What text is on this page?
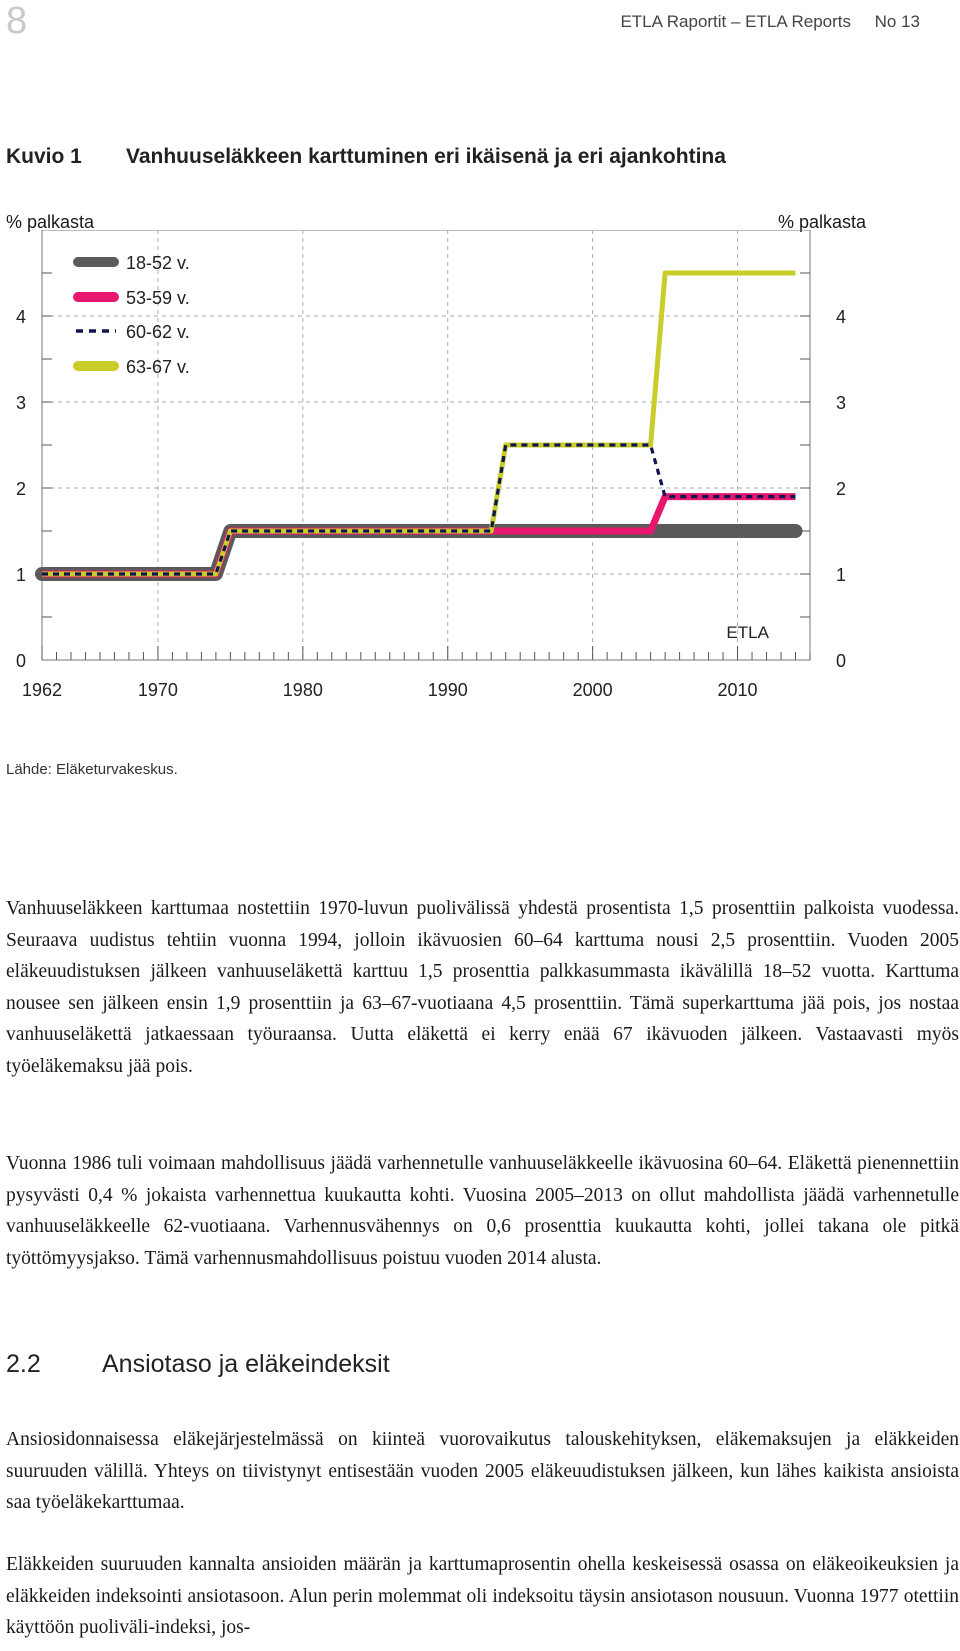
8	ETLA Raportit – ETLA Reports     No 13
Kuvio 1 Vanhuuseläkkeen karttuminen eri ikäisenä ja eri ajankohtina
% palkasta	% palkasta
18-52 v.
53-59 v.
60-62 v.
63-67 v.
0	0
1	1
2	2
3	3
4	4
1962	1970	1980	1990	2000	2010
ETLA
Lähde: Eläketurvakeskus.
Vanhuuseläkkeen karttumaa nostettiin 1970-luvun puolivälissä yhdestä prosentista 1,5 prosenttiin palkoista vuodessa. Seuraava uudistus tehtiin vuonna 1994, jolloin ikävuosien 60–64 karttuma nousi 2,5 prosenttiin. Vuoden 2005 eläkeuudistuksen jälkeen vanhuuseläkettä karttuu 1,5 prosenttia palkkasummasta ikävälillä 18–52 vuotta. Karttuma nousee sen jälkeen ensin 1,9 prosenttiin ja 63–67-vuotiaana 4,5 prosenttiin. Tämä superkarttuma jää pois, jos nostaa vanhuuseläkettä jatkaessaan työuraansa. Uutta eläkettä ei kerry enää 67 ikävuoden jälkeen. Vastaavasti myös työeläkemaksu jää pois.
Vuonna 1986 tuli voimaan mahdollisuus jäädä varhennetulle vanhuuseläkkeelle ikävuosina 60–64. Eläkettä pienennettiin pysyvästi 0,4 % jokaista varhennettua kuukautta kohti. Vuosina 2005–2013 on ollut mahdollista jäädä varhennetulle vanhuuseläkkeelle 62-vuotiaana. Varhennusvähennys on 0,6 prosenttia kuukautta kohti, jollei takana ole pitkä työttömyysjakso. Tämä varhennusmahdollisuus poistuu vuoden 2014 alusta.
2.2 Ansiotaso ja eläkeindeksit
Ansiosidonnaisessa eläkejärjestelmässä on kiinteä vuorovaikutus talouskehityksen, eläkemaksujen ja eläkkeiden suuruuden välillä. Yhteys on tiivistynyt entisestään vuoden 2005 eläkeuudistuksen jälkeen, kun lähes kaikista ansioista saa työeläkekarttumaa.
Eläkkeiden suuruuden kannalta ansioiden määrän ja karttumaprosentin ohella keskeisessä osassa on eläkeoikeuksien ja eläkkeiden indeksointi ansiotasoon. Alun perin molemmat oli indeksoitu täysin ansiotason nousuun. Vuonna 1977 otettiin käyttöön puoliväli-indeksi, jos-
